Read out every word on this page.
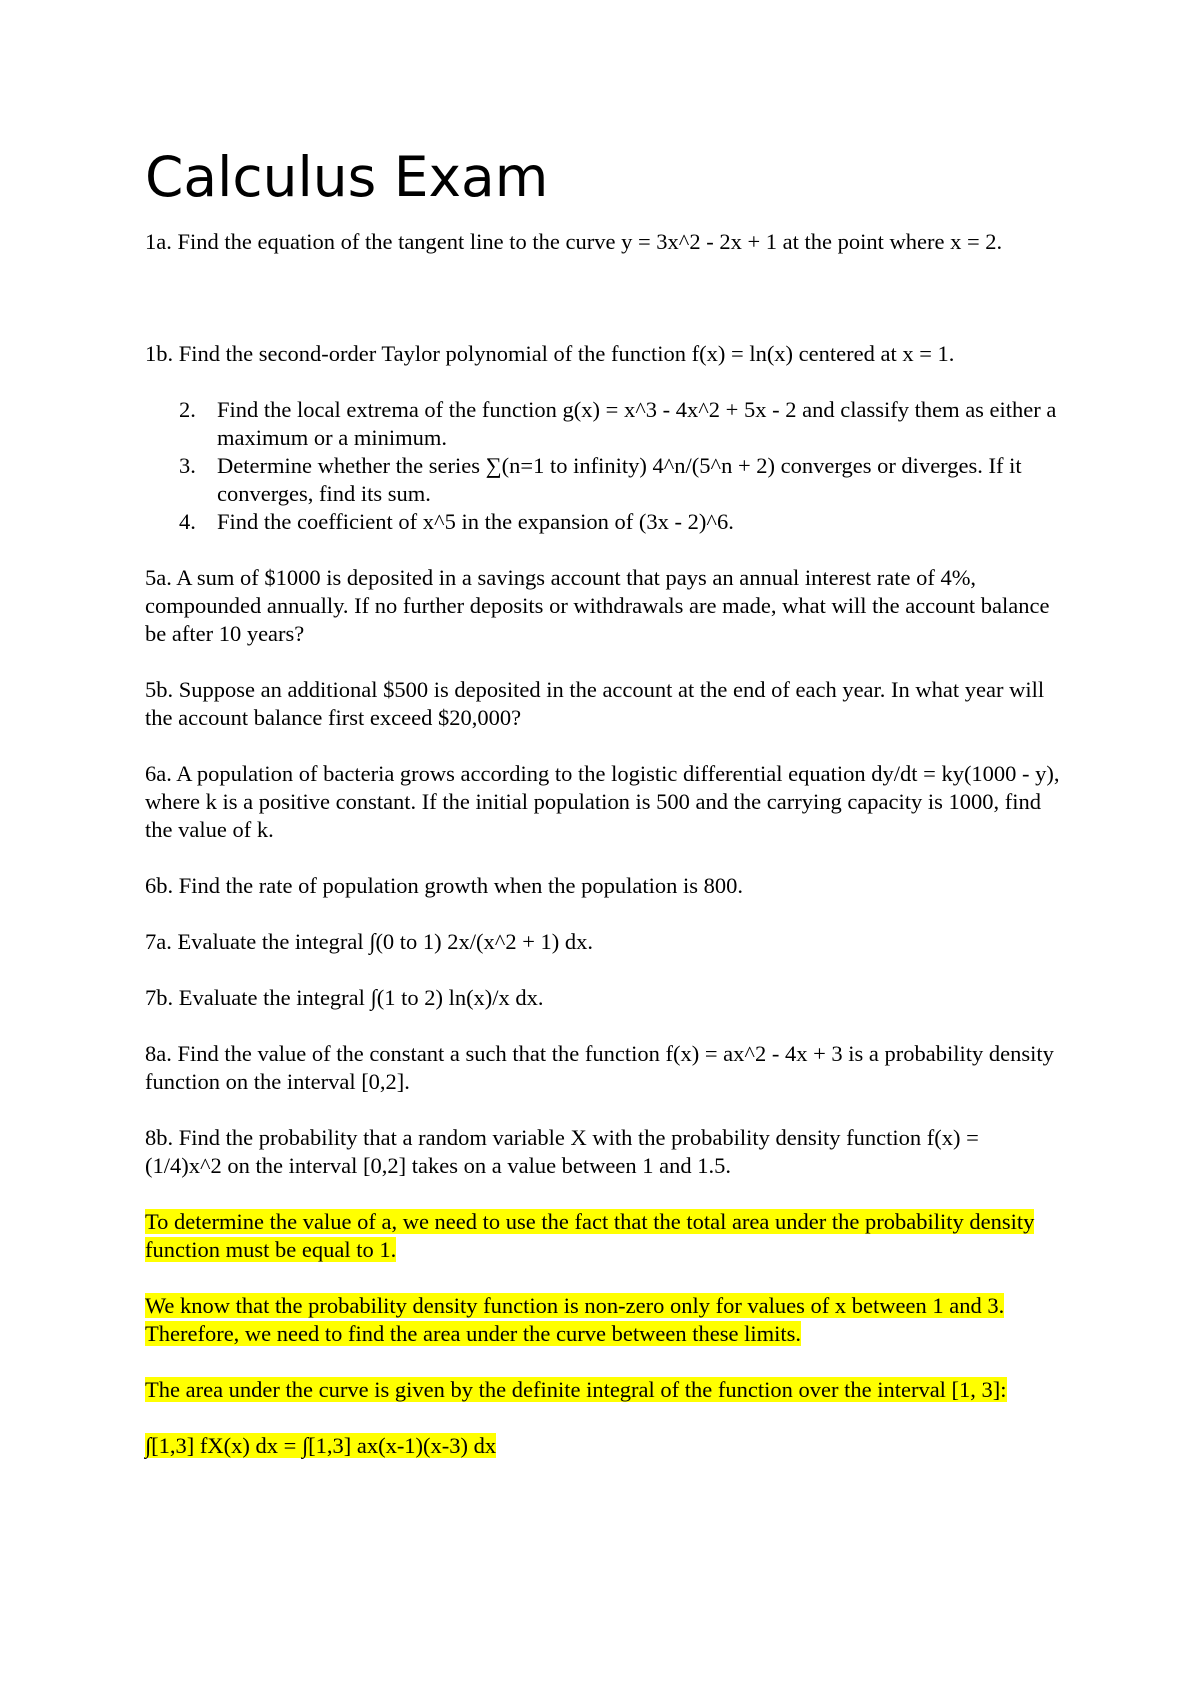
Calculus Exam

1a. Find the equation of the tangent line to the curve y = 3x^2 - 2x + 1 at the point where x = 2.

1b. Find the second-order Taylor polynomial of the function f(x) = ln(x) centered at x = 1.

2. Find the local extrema of the function g(x) = x^3 - 4x^2 + 5x - 2 and classify them as either a maximum or a minimum.
3. Determine whether the series ∑(n=1 to infinity) 4^n/(5^n + 2) converges or diverges. If it converges, find its sum.
4. Find the coefficient of x^5 in the expansion of (3x - 2)^6.

5a. A sum of $1000 is deposited in a savings account that pays an annual interest rate of 4%, compounded annually. If no further deposits or withdrawals are made, what will the account balance be after 10 years?

5b. Suppose an additional $500 is deposited in the account at the end of each year. In what year will the account balance first exceed $20,000?

6a. A population of bacteria grows according to the logistic differential equation dy/dt = ky(1000 - y), where k is a positive constant. If the initial population is 500 and the carrying capacity is 1000, find the value of k.

6b. Find the rate of population growth when the population is 800.

7a. Evaluate the integral ∫(0 to 1) 2x/(x^2 + 1) dx.

7b. Evaluate the integral ∫(1 to 2) ln(x)/x dx.

8a. Find the value of the constant a such that the function f(x) = ax^2 - 4x + 3 is a probability density function on the interval [0,2].

8b. Find the probability that a random variable X with the probability density function f(x) = (1/4)x^2 on the interval [0,2] takes on a value between 1 and 1.5.

To determine the value of a, we need to use the fact that the total area under the probability density function must be equal to 1.

We know that the probability density function is non-zero only for values of x between 1 and 3. Therefore, we need to find the area under the curve between these limits.

The area under the curve is given by the definite integral of the function over the interval [1, 3]:

∫[1,3] fX(x) dx = ∫[1,3] ax(x-1)(x-3) dx
